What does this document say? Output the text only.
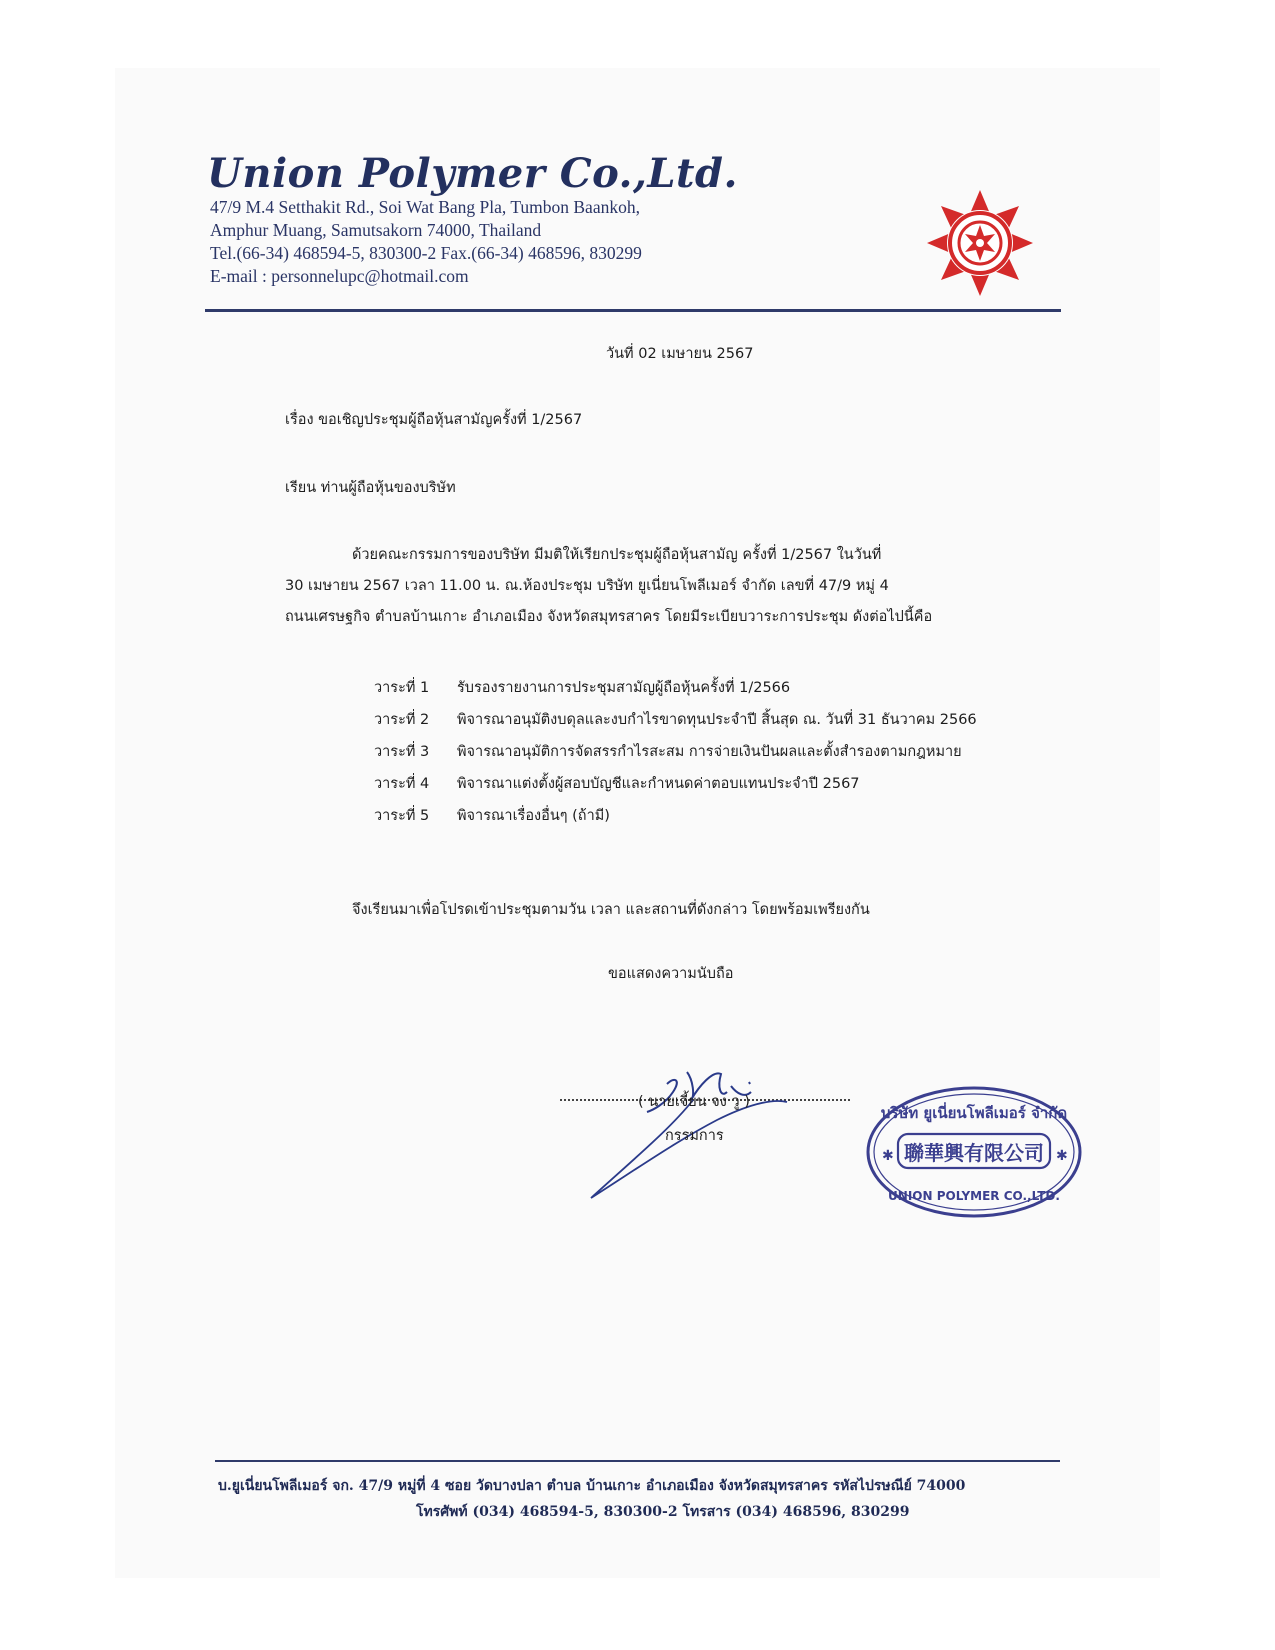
Union Polymer Co.,Ltd.
47/9 M.4 Setthakit Rd., Soi Wat Bang Pla, Tumbon Baankoh,
Amphur Muang, Samutsakorn 74000, Thailand
Tel.(66-34) 468594-5, 830300-2 Fax.(66-34) 468596, 830299
E-mail : personnelupc@hotmail.com
วันที่ 02 เมษายน 2567
เรื่อง ขอเชิญประชุมผู้ถือหุ้นสามัญครั้งที่ 1/2567
เรียน ท่านผู้ถือหุ้นของบริษัท
ด้วยคณะกรรมการของบริษัท มีมติให้เรียกประชุมผู้ถือหุ้นสามัญ ครั้งที่ 1/2567 ในวันที่
30 เมษายน 2567 เวลา 11.00 น. ณ.ห้องประชุม บริษัท ยูเนี่ยนโพลีเมอร์ จำกัด เลขที่ 47/9 หมู่ 4
ถนนเศรษฐกิจ ตำบลบ้านเกาะ อำเภอเมือง จังหวัดสมุทรสาคร โดยมีระเบียบวาระการประชุม ดังต่อไปนี้คือ
วาระที่ 1 รับรองรายงานการประชุมสามัญผู้ถือหุ้นครั้งที่ 1/2566
วาระที่ 2 พิจารณาอนุมัติงบดุลและงบกำไรขาดทุนประจำปี สิ้นสุด ณ. วันที่ 31 ธันวาคม 2566
วาระที่ 3 พิจารณาอนุมัติการจัดสรรกำไรสะสม การจ่ายเงินปันผลและตั้งสำรองตามกฎหมาย
วาระที่ 4 พิจารณาแต่งตั้งผู้สอบบัญชีและกำหนดค่าตอบแทนประจำปี 2567
วาระที่ 5 พิจารณาเรื่องอื่นๆ (ถ้ามี)
จึงเรียนมาเพื่อโปรดเข้าประชุมตามวัน เวลา และสถานที่ดังกล่าว โดยพร้อมเพรียงกัน
ขอแสดงความนับถือ
( นายเจี้ยน จง วู )
กรรมการ
聯華興有限公司
บริษัท ยูเนี่ยนโพลีเมอร์ จำกัด
UNION POLYMER CO.,LTD.
✱	✱
บ.ยูเนี่ยนโพลีเมอร์ จก. 47/9 หมู่ที่ 4 ซอย วัดบางปลา ตำบล บ้านเกาะ อำเภอเมือง จังหวัดสมุทรสาคร รหัสไปรษณีย์ 74000
โทรศัพท์ (034) 468594-5, 830300-2 โทรสาร (034) 468596, 830299
